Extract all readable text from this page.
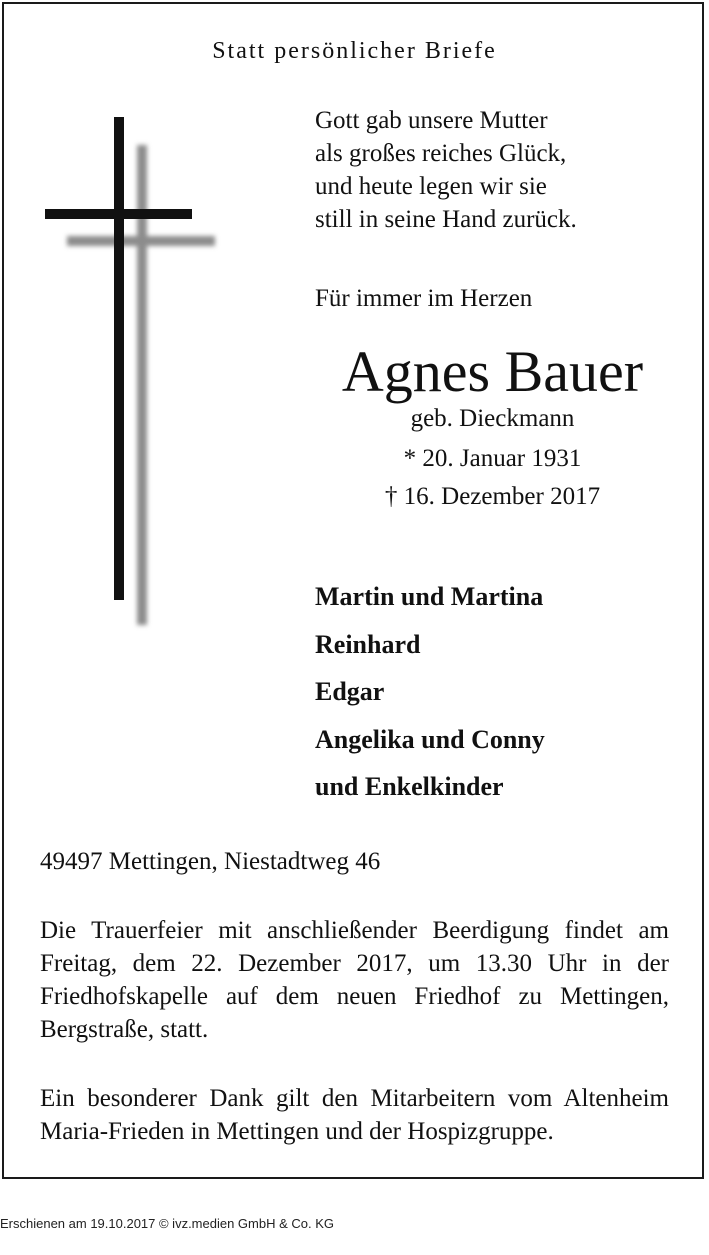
Statt persönlicher Briefe
Gott gab unsere Mutter
als großes reiches Glück,
und heute legen wir sie
still in seine Hand zurück.
Für immer im Herzen
Agnes Bauer
geb. Dieckmann
* 20. Januar 1931
† 16. Dezember 2017
Martin und Martina
Reinhard
Edgar
Angelika und Conny
und Enkelkinder
49497 Mettingen, Niestadtweg 46
Die Trauerfeier mit anschließender Beerdigung findet am Freitag, dem 22. Dezember 2017, um 13.30 Uhr in der Friedhofskapelle auf dem neuen Friedhof zu Mettingen, Bergstraße, statt.
Ein besonderer Dank gilt den Mitarbeitern vom Altenheim Maria-Frieden in Mettingen und der Hospizgruppe.
Erschienen am 19.10.2017 © ivz.medien GmbH & Co. KG
